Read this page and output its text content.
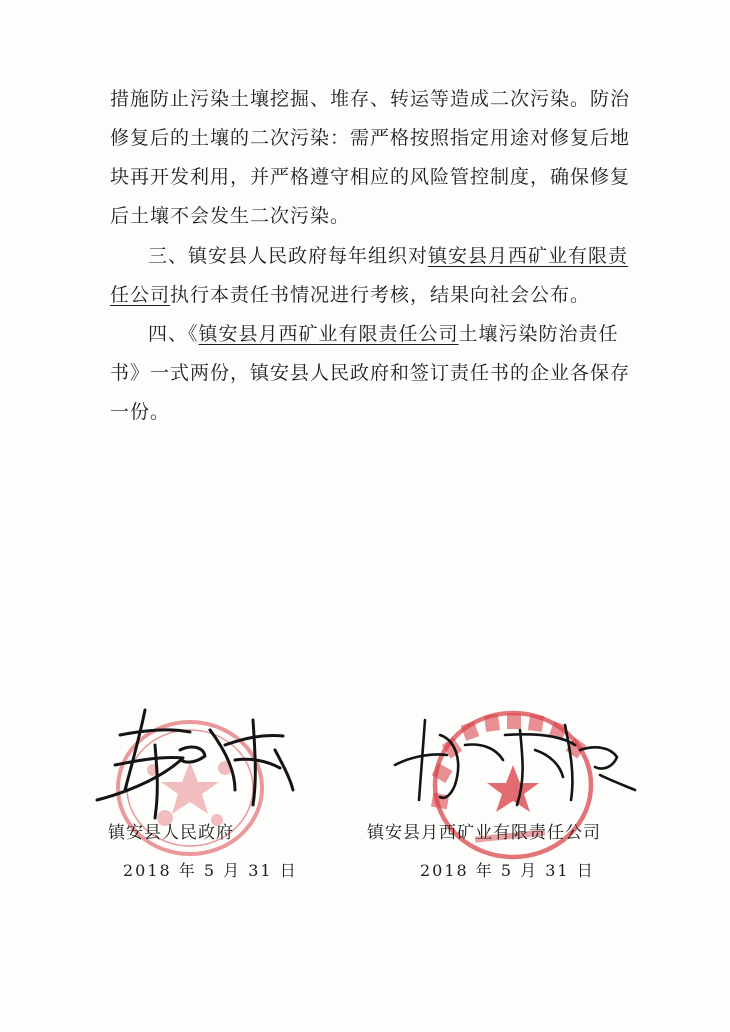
措施防止污染土壤挖掘、堆存、转运等造成二次污染。防治修复后的土壤的二次污染：需严格按照指定用途对修复后地块再开发利用，并严格遵守相应的风险管控制度，确保修复后土壤不会发生二次污染。

三、镇安县人民政府每年组织对镇安县月西矿业有限责任公司执行本责任书情况进行考核，结果向社会公布。

四、《镇安县月西矿业有限责任公司土壤污染防治责任书》一式两份，镇安县人民政府和签订责任书的企业各保存一份。

镇安县人民政府
2018 年 5 月 31 日
镇安县月西矿业有限责任公司
2018 年 5 月 31 日
